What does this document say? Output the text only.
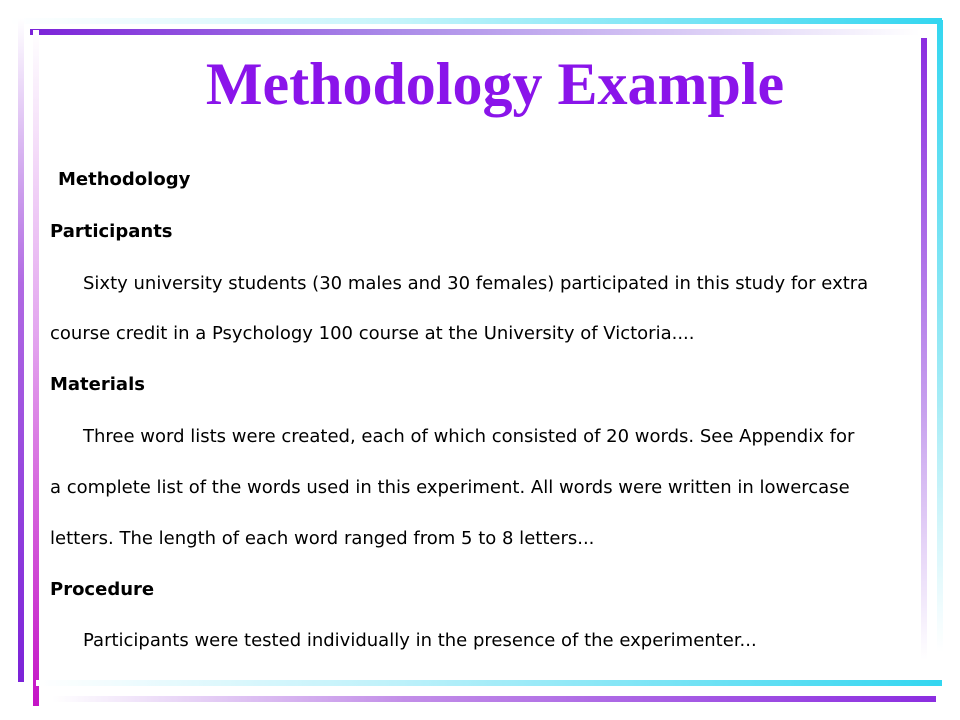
Methodology Example
Methodology
Participants
Sixty university students (30 males and 30 females) participated in this study for extra
course credit in a Psychology 100 course at the University of Victoria....
Materials
Three word lists were created, each of which consisted of 20 words. See Appendix for
a complete list of the words used in this experiment. All words were written in lowercase
letters. The length of each word ranged from 5 to 8 letters...
Procedure
Participants were tested individually in the presence of the experimenter...
